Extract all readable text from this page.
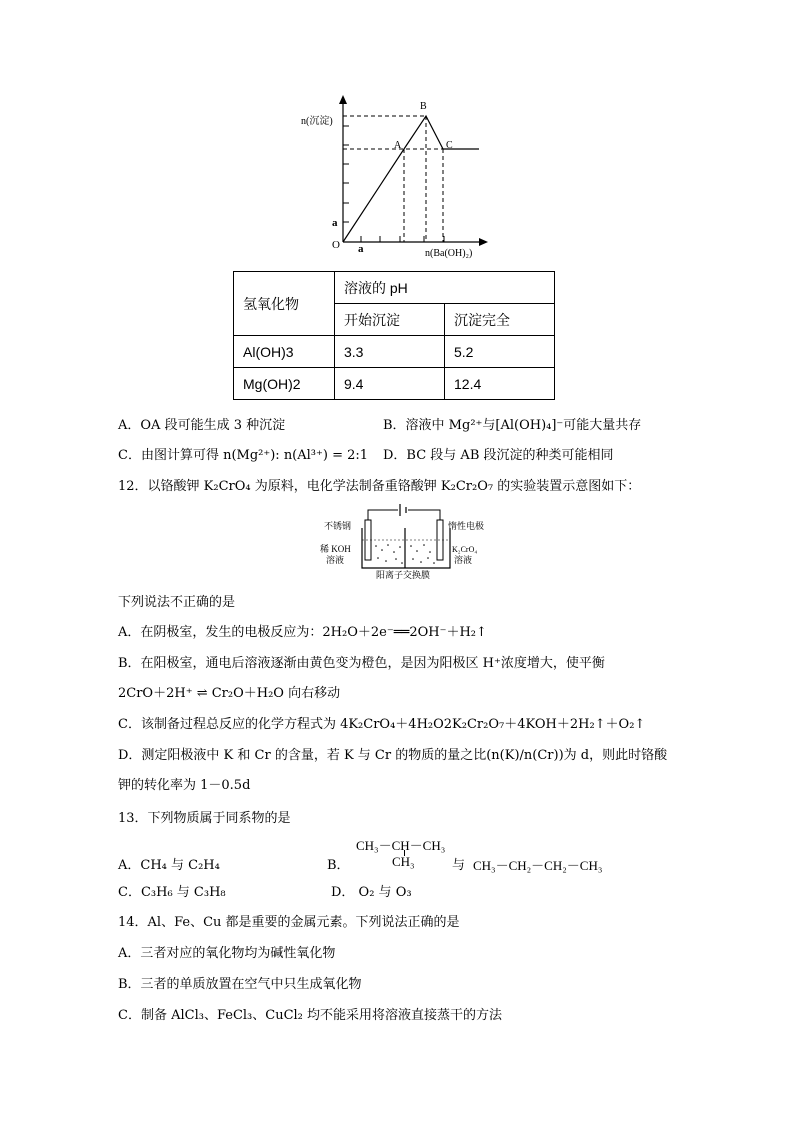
n(沉淀)
n(Ba(OH)₂)
B
A	C
O
a
a
氢氧化物	溶液的 pH	
	开始沉淀	沉淀完全
Al(OH)3	3.3	5.2
Mg(OH)2	9.4	12.4
A．OA 段可能生成 3 种沉淀	B．溶液中 Mg²⁺与[Al(OH)₄]⁻可能大量共存
C．由图计算可得 n(Mg²⁺): n(Al³⁺) = 2:1 D．BC 段与 AB 段沉淀的种类可能相同
12．以铬酸钾 K₂CrO₄ 为原料，电化学法制备重铬酸钾 K₂Cr₂O₇ 的实验装置示意图如下：
不锈钢	惰性电极
稀 KOH
溶液
K₂CrO₄
溶液
阳离子交换膜
下列说法不正确的是
A．在阴极室，发生的电极反应为：2H₂O＋2e⁻══2OH⁻＋H₂↑
B．在阳极室，通电后溶液逐渐由黄色变为橙色，是因为阳极区 H⁺浓度增大，使平衡
2CrO＋2H⁺ ⇌ Cr₂O＋H₂O 向右移动
C．该制备过程总反应的化学方程式为 4K₂CrO₄＋4H₂O2K₂Cr₂O₇＋4KOH＋2H₂↑＋O₂↑
D．测定阳极液中 K 和 Cr 的含量，若 K 与 Cr 的物质的量之比(n(K)/n(Cr))为 d，则此时铬酸
钾的转化率为 1－0.5d
13．下列物质属于同系物的是
CH₃－CH－CH₃
CH₃
A．CH₄ 与 C₂H₄	B．	与 CH₃－CH₂－CH₂－CH₃
C．C₃H₆ 与 C₃H₈	D． O₂ 与 O₃
14．Al、Fe、Cu 都是重要的金属元素。下列说法正确的是
A．三者对应的氧化物均为碱性氧化物
B．三者的单质放置在空气中只生成氧化物
C．制备 AlCl₃、FeCl₃、CuCl₂ 均不能采用将溶液直接蒸干的方法
